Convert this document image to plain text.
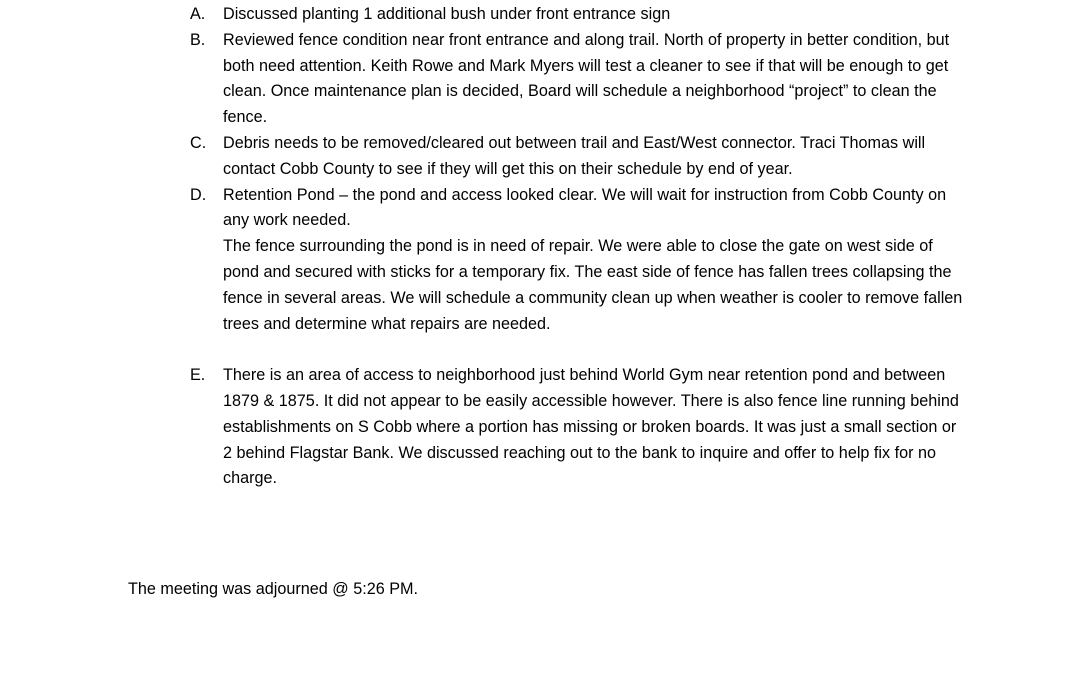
A.	Discussed planting 1 additional bush under front entrance sign

B.	Reviewed fence condition near front entrance and along trail. North of property in better condition, but both need attention. Keith Rowe and Mark Myers will test a cleaner to see if that will be enough to get clean. Once maintenance plan is decided, Board will schedule a neighborhood “project” to clean the fence.

C.	Debris needs to be removed/cleared out between trail and East/West connector. Traci Thomas will contact Cobb County to see if they will get this on their schedule by end of year.

D.	Retention Pond – the pond and access looked clear. We will wait for instruction from Cobb County on any work needed.

The fence surrounding the pond is in need of repair. We were able to close the gate on west side of pond and secured with sticks for a temporary fix. The east side of fence has fallen trees collapsing the fence in several areas. We will schedule a community clean up when weather is cooler to remove fallen trees and determine what repairs are needed.

E.	There is an area of access to neighborhood just behind World Gym near retention pond and between 1879 & 1875. It did not appear to be easily accessible however. There is also fence line running behind establishments on S Cobb where a portion has missing or broken boards. It was just a small section or 2 behind Flagstar Bank. We discussed reaching out to the bank to inquire and offer to help fix for no charge.

The meeting was adjourned @ 5:26 PM.
